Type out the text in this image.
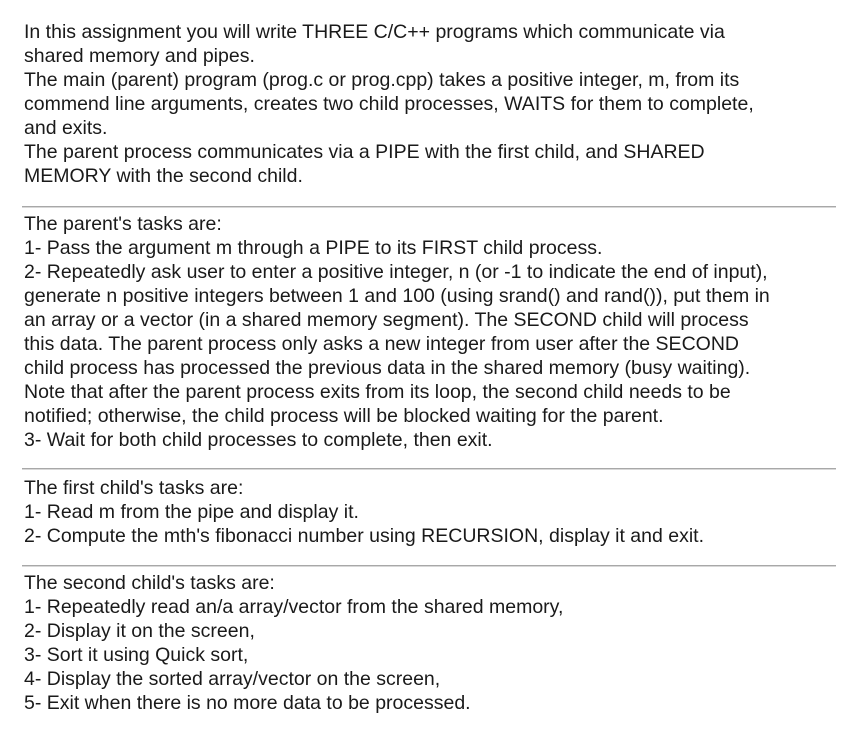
In this assignment you will write THREE C/C++ programs which communicate via
shared memory and pipes.
The main (parent) program (prog.c or prog.cpp) takes a positive integer, m, from its
commend line arguments, creates two child processes, WAITS for them to complete,
and exits.
The parent process communicates via a PIPE with the first child, and SHARED
MEMORY with the second child.
The parent's tasks are:
1- Pass the argument m through a PIPE to its FIRST child process.
2- Repeatedly ask user to enter a positive integer, n (or -1 to indicate the end of input),
generate n positive integers between 1 and 100 (using srand() and rand()), put them in
an array or a vector (in a shared memory segment). The SECOND child will process
this data. The parent process only asks a new integer from user after the SECOND
child process has processed the previous data in the shared memory (busy waiting).
Note that after the parent process exits from its loop, the second child needs to be
notified; otherwise, the child process will be blocked waiting for the parent.
3- Wait for both child processes to complete, then exit.
The first child's tasks are:
1- Read m from the pipe and display it.
2- Compute the mth's fibonacci number using RECURSION, display it and exit.
The second child's tasks are:
1- Repeatedly read an/a array/vector from the shared memory,
2- Display it on the screen,
3- Sort it using Quick sort,
4- Display the sorted array/vector on the screen,
5- Exit when there is no more data to be processed.
